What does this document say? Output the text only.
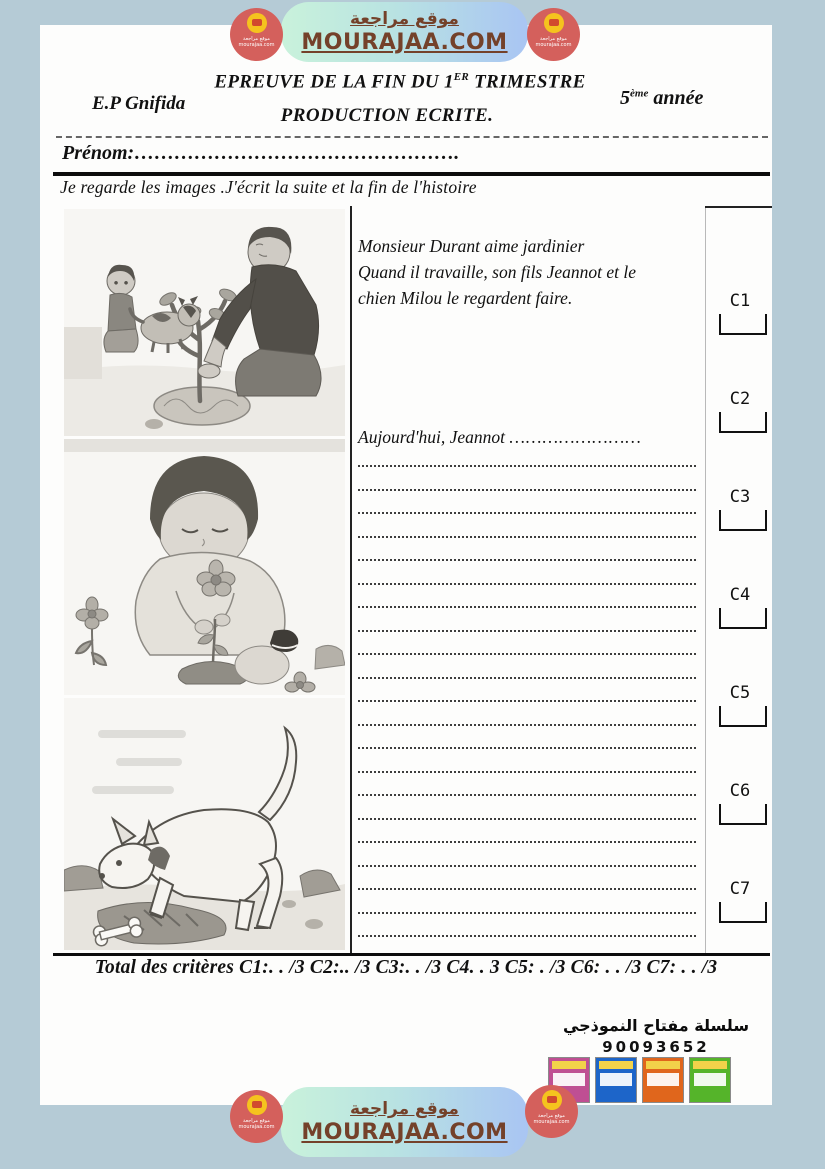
موقع مراجعة
MOURAJAA.COM
موقع مراجعة
mourajaa.com
موقع مراجعة
mourajaa.com
E.P Gnifida
EPREUVE DE LA FIN DU 1ER TRIMESTRE
PRODUCTION ECRITE.
5ème année
Prénom:………………………………………….
Je regarde les images .J'écrit la suite et la fin de l'histoire
Monsieur Durant aime jardinier
Quand il travaille, son fils Jeannot et le
chien Milou le regardent faire.
Aujourd'hui, Jeannot ……………………
C1
C2
C3
C4
C5
C6
C7
Total des critères C1:. . /3 C2:.. /3 C3:. . /3 C4. . 3 C5: . /3 C6: . . /3 C7: . . /3
سلسلة مفتاح النموذجي
90093652
موقع مراجعة
MOURAJAA.COM
موقع مراجعة
mourajaa.com
موقع مراجعة
mourajaa.com
